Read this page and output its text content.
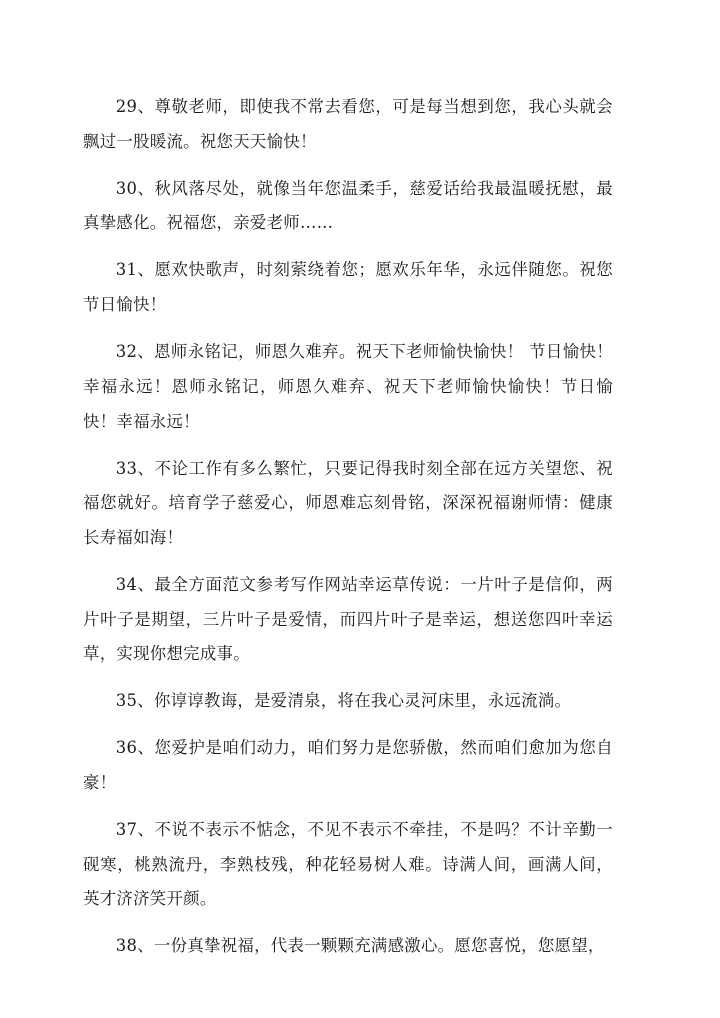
29、尊敬老师，即使我不常去看您，可是每当想到您，我心头就会飘过一股暖流。祝您天天愉快！

30、秋风落尽处，就像当年您温柔手，慈爱话给我最温暖抚慰，最真挚感化。祝福您，亲爱老师……

31、愿欢快歌声，时刻萦绕着您；愿欢乐年华，永远伴随您。祝您节日愉快！

32、恩师永铭记，师恩久难弃。祝天下老师愉快愉快！ 节日愉快！幸福永远！恩师永铭记，师恩久难弃、祝天下老师愉快愉快！节日愉快！幸福永远！

33、不论工作有多么繁忙，只要记得我时刻全部在远方关望您、祝福您就好。培育学子慈爱心，师恩难忘刻骨铭，深深祝福谢师情：健康长寿福如海！

34、最全方面范文参考写作网站幸运草传说：一片叶子是信仰，两片叶子是期望，三片叶子是爱情，而四片叶子是幸运，想送您四叶幸运草，实现你想完成事。

35、你谆谆教诲，是爱清泉，将在我心灵河床里，永远流淌。

36、您爱护是咱们动力，咱们努力是您骄傲，然而咱们愈加为您自豪！

37、不说不表示不惦念，不见不表示不牵挂，不是吗？不计辛勤一砚寒，桃熟流丹，李熟枝残，种花轻易树人难。诗满人间，画满人间，英才济济笑开颜。

38、一份真挚祝福，代表一颗颗充满感激心。愿您喜悦，您愿望，
